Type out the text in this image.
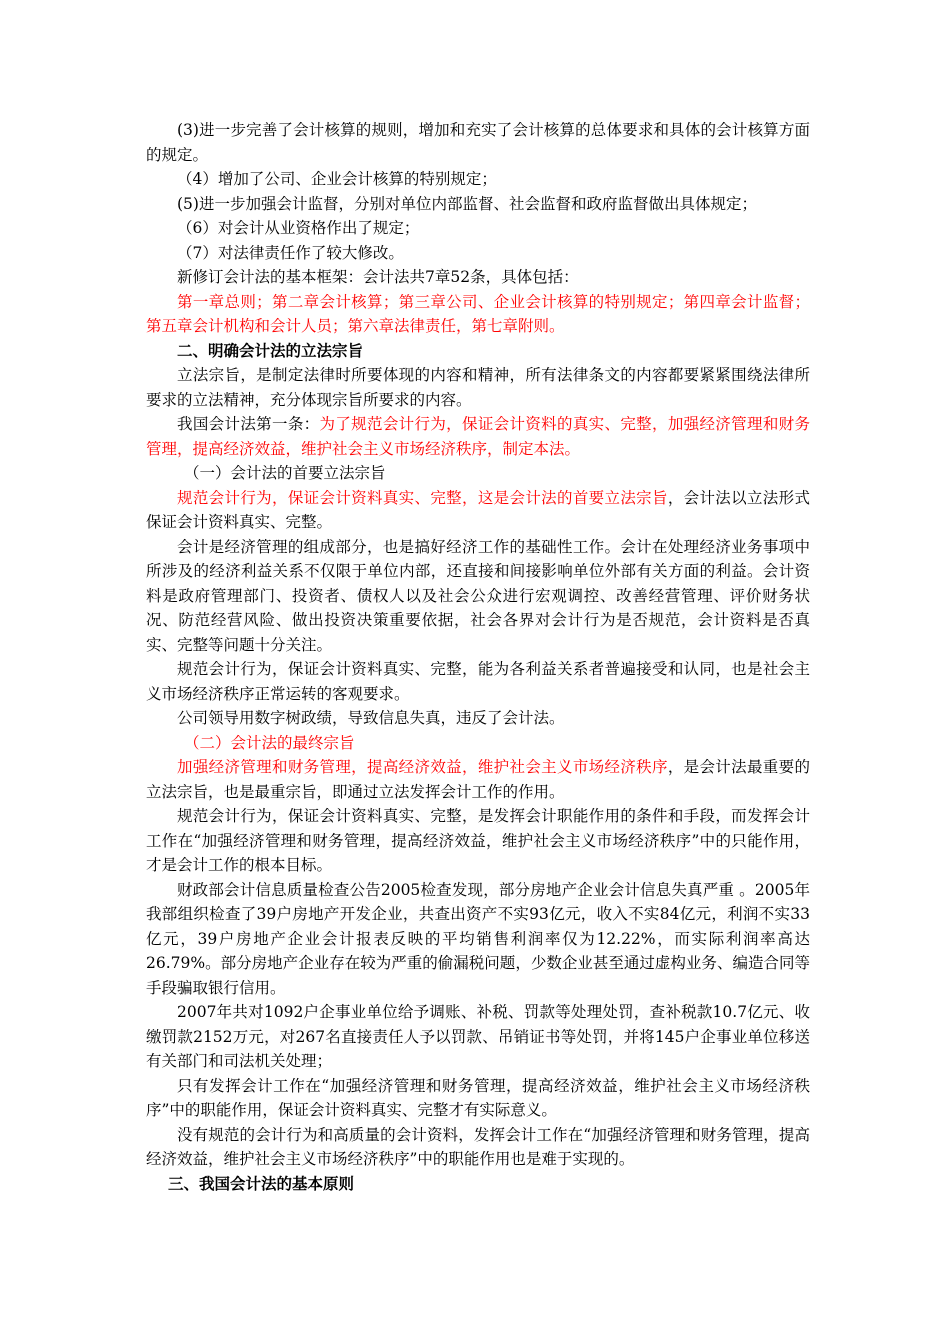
(3)进一步完善了会计核算的规则，增加和充实了会计核算的总体要求和具体的会计核算方面的规定。

（4）增加了公司、企业会计核算的特别规定；

(5)进一步加强会计监督，分别对单位内部监督、社会监督和政府监督做出具体规定；

（6）对会计从业资格作出了规定；

（7）对法律责任作了较大修改。

新修订会计法的基本框架：会计法共7章52条，具体包括：

第一章总则；第二章会计核算；第三章公司、企业会计核算的特别规定；第四章会计监督；第五章会计机构和会计人员；第六章法律责任，第七章附则。

二、明确会计法的立法宗旨

立法宗旨，是制定法律时所要体现的内容和精神，所有法律条文的内容都要紧紧围绕法律所要求的立法精神，充分体现宗旨所要求的内容。

我国会计法第一条：为了规范会计行为，保证会计资料的真实、完整，加强经济管理和财务管理，提高经济效益，维护社会主义市场经济秩序，制定本法。

（一）会计法的首要立法宗旨

规范会计行为，保证会计资料真实、完整，这是会计法的首要立法宗旨，会计法以立法形式保证会计资料真实、完整。

会计是经济管理的组成部分，也是搞好经济工作的基础性工作。会计在处理经济业务事项中所涉及的经济利益关系不仅限于单位内部，还直接和间接影响单位外部有关方面的利益。会计资料是政府管理部门、投资者、债权人以及社会公众进行宏观调控、改善经营管理、评价财务状况、防范经营风险、做出投资决策重要依据，社会各界对会计行为是否规范，会计资料是否真实、完整等问题十分关注。

规范会计行为，保证会计资料真实、完整，能为各利益关系者普遍接受和认同，也是社会主义市场经济秩序正常运转的客观要求。

公司领导用数字树政绩，导致信息失真，违反了会计法。

（二）会计法的最终宗旨

加强经济管理和财务管理，提高经济效益，维护社会主义市场经济秩序，是会计法最重要的立法宗旨，也是最重宗旨，即通过立法发挥会计工作的作用。

规范会计行为，保证会计资料真实、完整，是发挥会计职能作用的条件和手段，而发挥会计工作在“加强经济管理和财务管理，提高经济效益，维护社会主义市场经济秩序”中的只能作用，才是会计工作的根本目标。

财政部会计信息质量检查公告2005检查发现，部分房地产企业会计信息失真严重 。2005年我部组织检查了39户房地产开发企业，共查出资产不实93亿元，收入不实84亿元，利润不实33亿元，39户房地产企业会计报表反映的平均销售利润率仅为12.22%，而实际利润率高达26.79%。部分房地产企业存在较为严重的偷漏税问题，少数企业甚至通过虚构业务、编造合同等手段骗取银行信用。

2007年共对1092户企事业单位给予调账、补税、罚款等处理处罚，查补税款10.7亿元、收缴罚款2152万元，对267名直接责任人予以罚款、吊销证书等处罚，并将145户企事业单位移送有关部门和司法机关处理；

只有发挥会计工作在“加强经济管理和财务管理，提高经济效益，维护社会主义市场经济秩序”中的职能作用，保证会计资料真实、完整才有实际意义。

没有规范的会计行为和高质量的会计资料，发挥会计工作在“加强经济管理和财务管理，提高经济效益，维护社会主义市场经济秩序”中的职能作用也是难于实现的。

三、我国会计法的基本原则
